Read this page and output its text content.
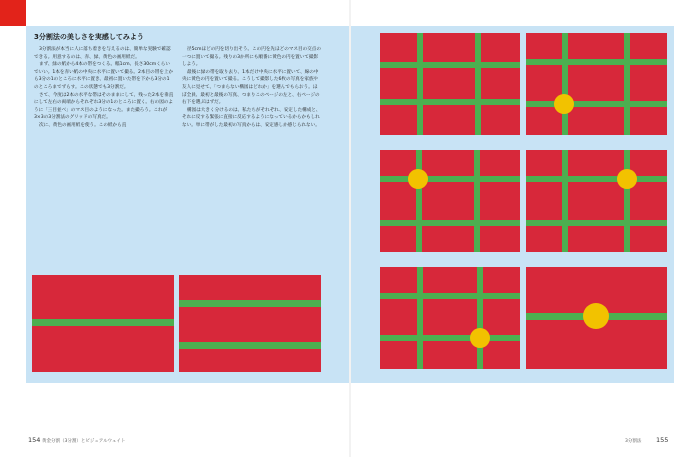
3分割法の美しさを実感してみよう

3分割法が本当に人に落ち着きを与えるのは、簡単な実験で確認できる。用意するのは、赤、緑、黄色の画用紙だ。

まず、緑の紙から4本の帯をつくる。幅1cm、長さ30cmくらいでいい。1本を赤い紙の中央に水平に置いて撮る。2本目の帯を上から3分の1のところに水平に置き、最初に置いた帯を下から3分の1のところまでずらす。この状態でも3分割だ。

さて、今度は2本の水平な帯はそのままにして、残った2本を垂直にして左右の両端からそれぞれ3分の1のところに置く。右の図のように「三目並べ」のマス目のようになった。また撮ろう。これが3×3の3分割法のグリッドの写真だ。

次に、黄色の画用紙を使う。この紙から直

径5cmほどの円を切り出そう。この円を先ほどのマス目の交点の一つに置いて撮る。残りの3か所にも順番に黄色の円を置いて撮影しよう。

最後に緑の帯を取り去り、1本だけ中央に水平に置いて、線の中央に黄色の円を置いて撮る。こうして撮影した6枚の写真を家族や友人に見せて、「つまらない構図はどれか」を選んでもらおう。ほぼ全員、最初と最後の写真、つまりこのページの左と、右ページの右下を選ぶはずだ。

構図は大きく分けるのは、私たちがそれぞれ、安定した構成と、それに反する緊張に直接に反応するようになっているからかもしれない。単に帯がした最初の写真からは、安定感しか感じられない。

154 黄金分割（3分割）とビジュアルウェイト	3分割法 155
